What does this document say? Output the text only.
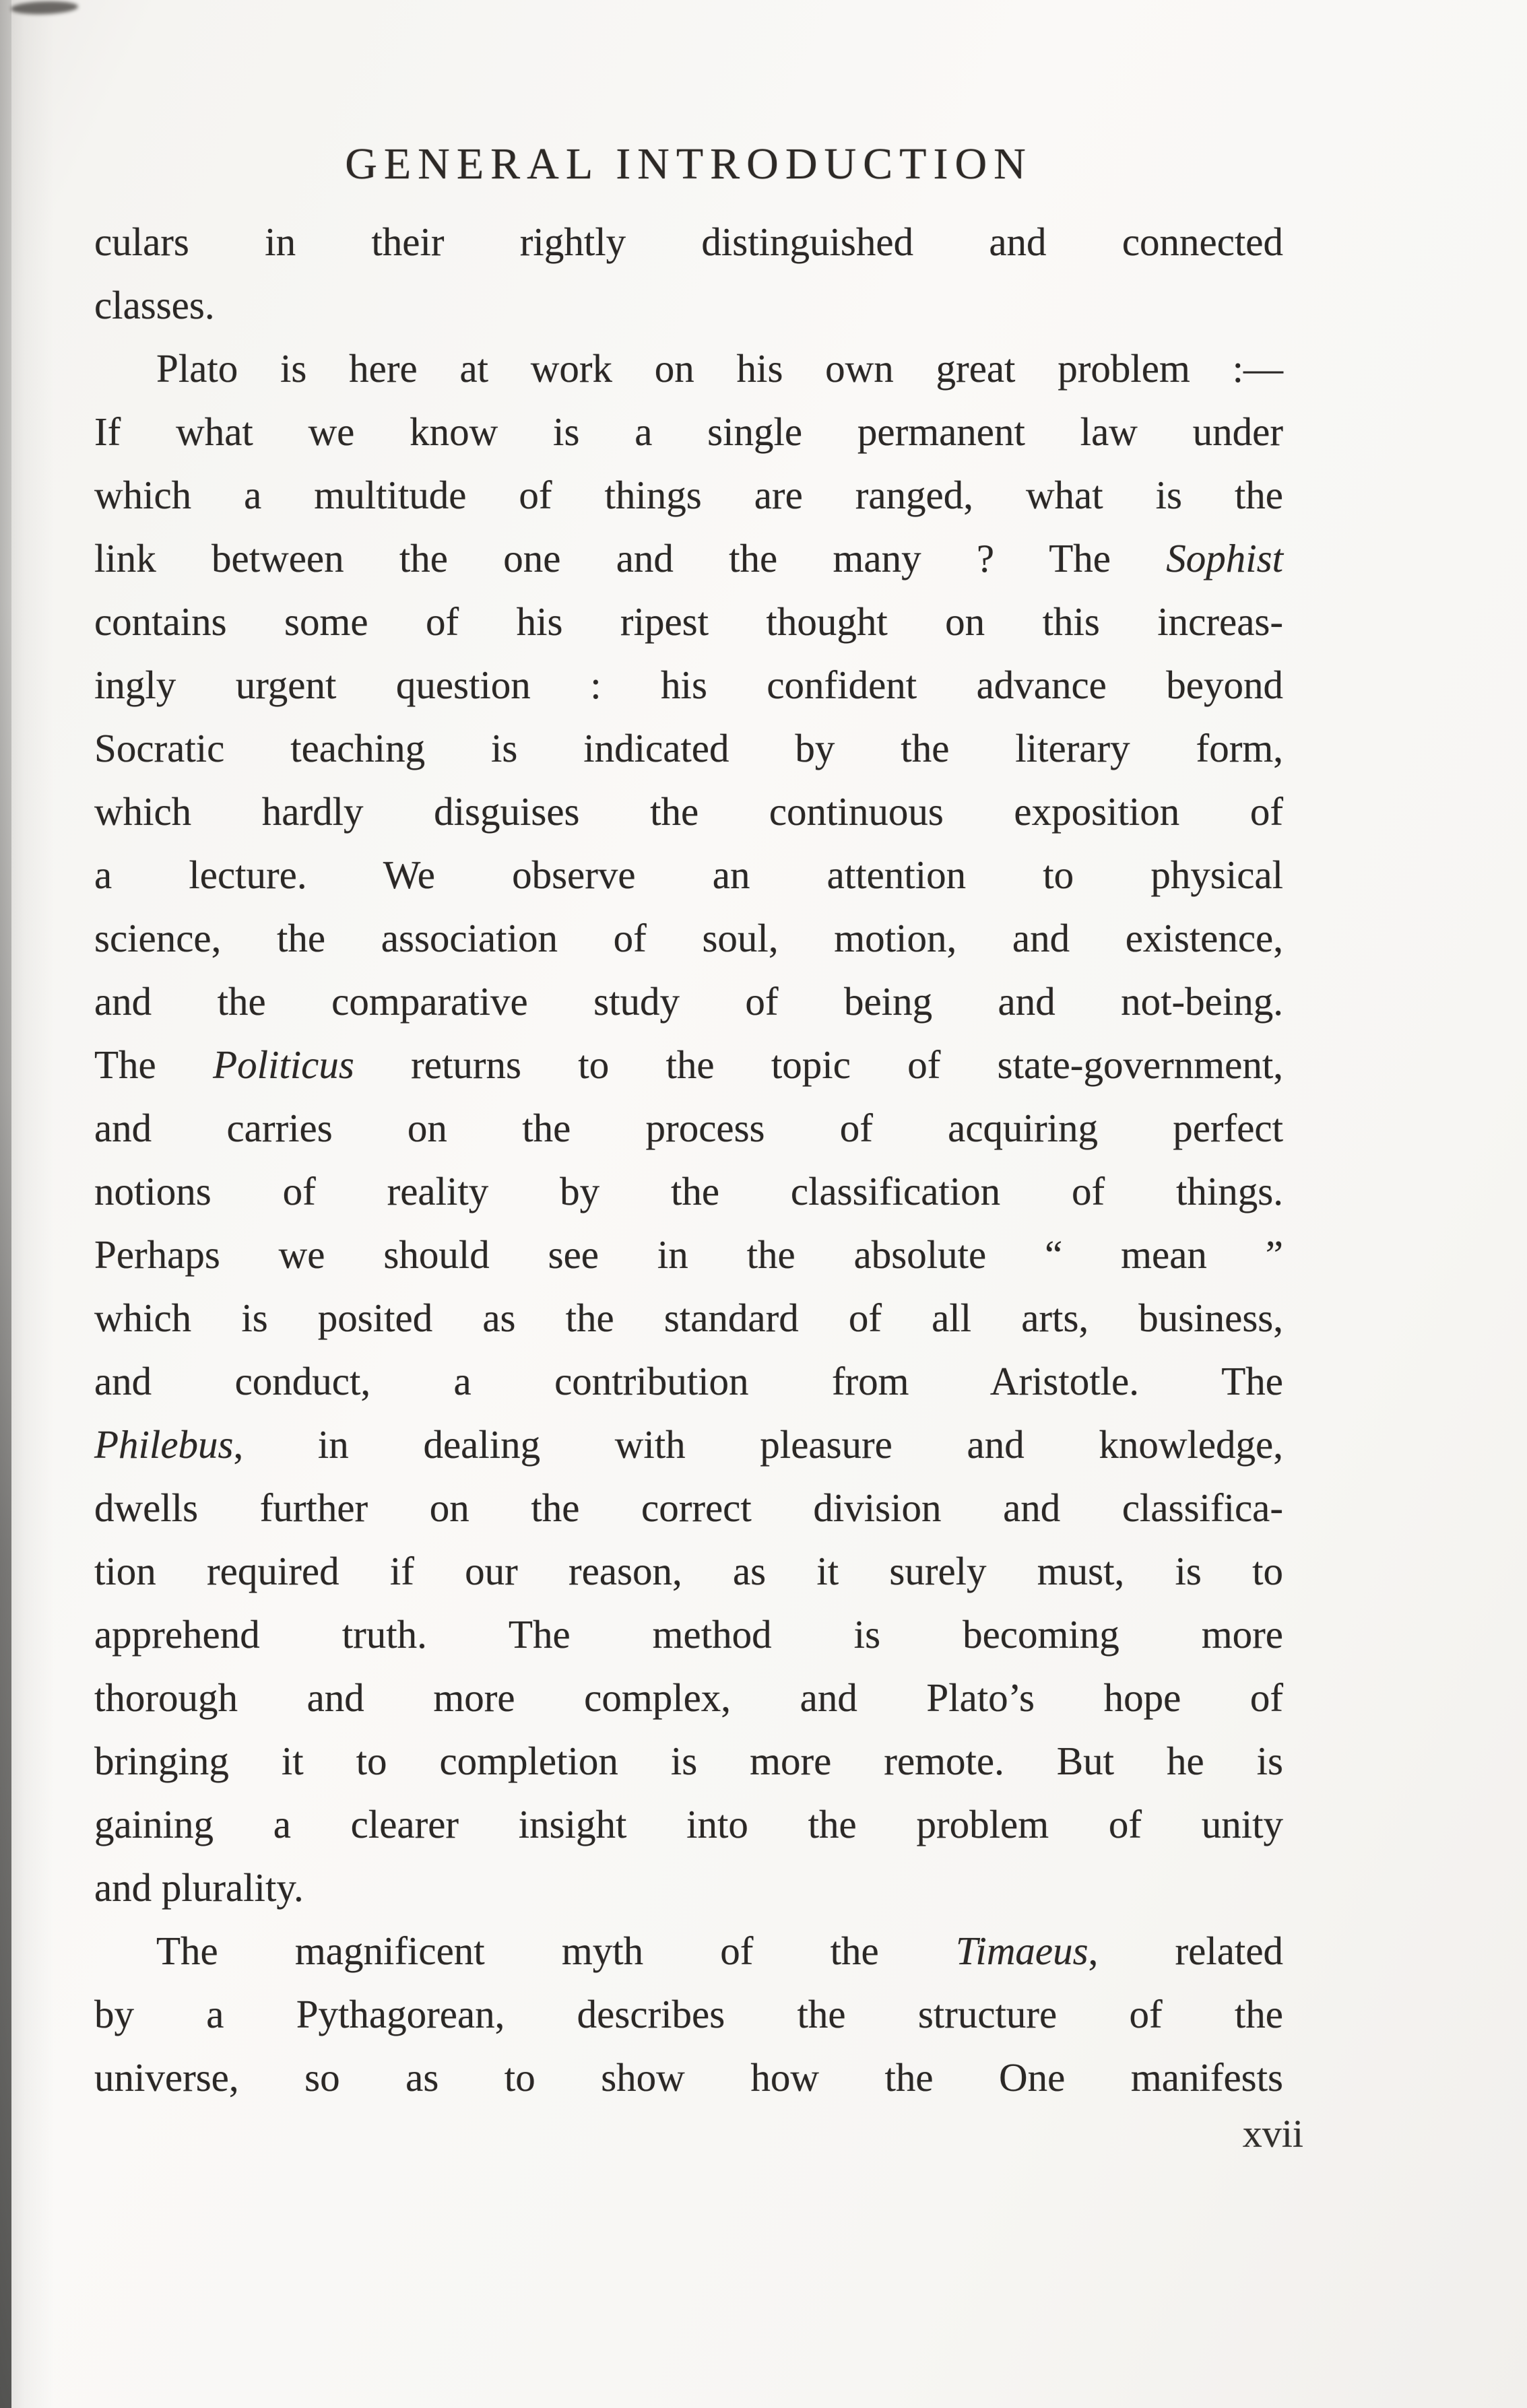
GENERAL INTRODUCTION
culars in their rightly distinguished and connected
classes.
Plato is here at work on his own great problem :—
If what we know is a single permanent law under
which a multitude of things are ranged, what is the
link between the one and the many ? The Sophist
contains some of his ripest thought on this increas-
ingly urgent question : his confident advance beyond
Socratic teaching is indicated by the literary form,
which hardly disguises the continuous exposition of
a lecture. We observe an attention to physical
science, the association of soul, motion, and existence,
and the comparative study of being and not-being.
The Politicus returns to the topic of state-government,
and carries on the process of acquiring perfect
notions of reality by the classification of things.
Perhaps we should see in the absolute “ mean ”
which is posited as the standard of all arts, business,
and conduct, a contribution from Aristotle. The
Philebus, in dealing with pleasure and knowledge,
dwells further on the correct division and classifica-
tion required if our reason, as it surely must, is to
apprehend truth. The method is becoming more
thorough and more complex, and Plato’s hope of
bringing it to completion is more remote. But he is
gaining a clearer insight into the problem of unity
and plurality.
The magnificent myth of the Timaeus, related
by a Pythagorean, describes the structure of the
universe, so as to show how the One manifests
xvii
